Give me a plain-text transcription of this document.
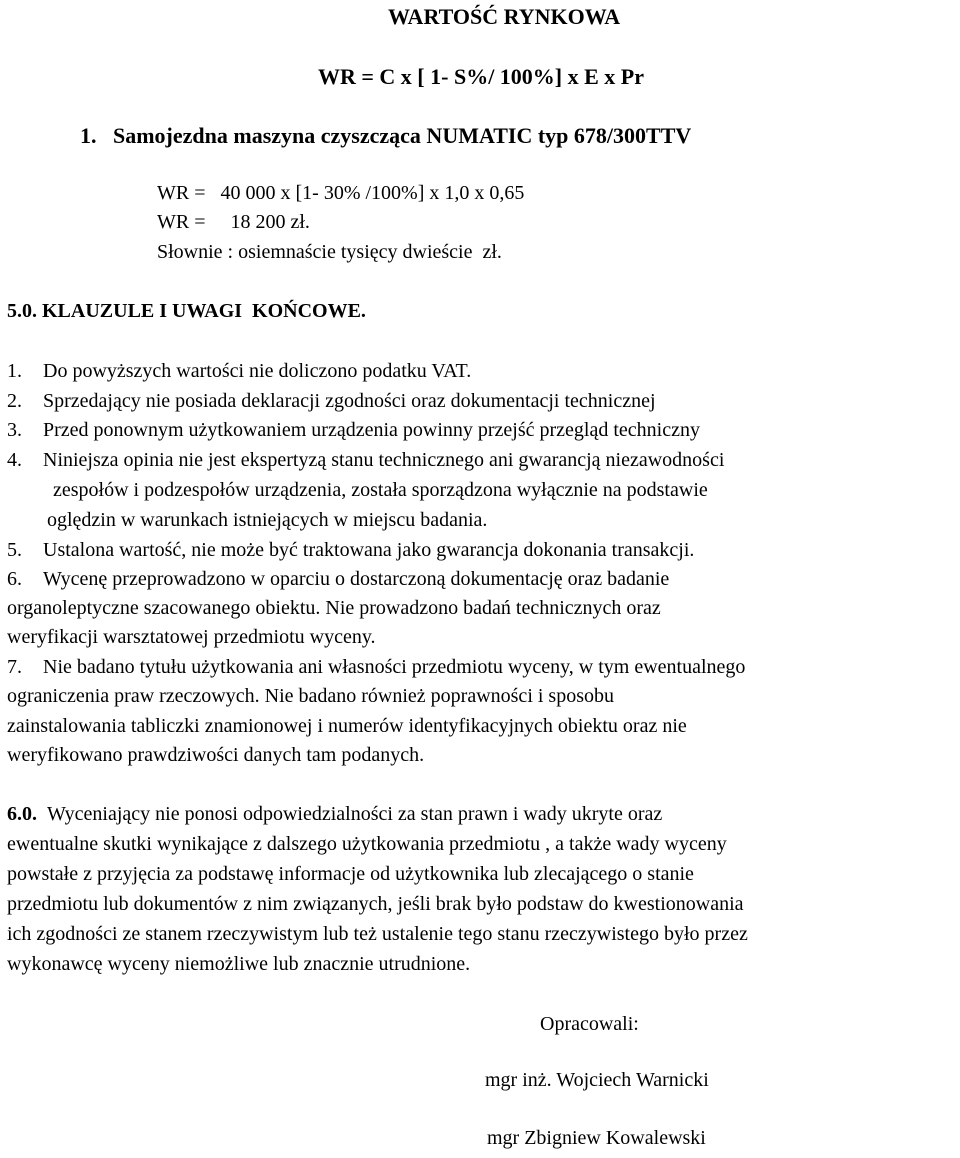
WARTOŚĆ RYNKOWA
WR = C x [ 1- S%/ 100%] x E x Pr
1. Samojezdna maszyna czyszcząca NUMATIC typ 678/300TTV
WR =   40 000 x [1- 30% /100%] x 1,0 x 0,65
WR =     18 200 zł.
Słownie : osiemnaście tysięcy dwieście  zł.
5.0. KLAUZULE I UWAGI  KOŃCOWE.
1. Do powyższych wartości nie doliczono podatku VAT.
2. Sprzedający nie posiada deklaracji zgodności oraz dokumentacji technicznej
3. Przed ponownym użytkowaniem urządzenia powinny przejść przegląd techniczny
4. Niniejsza opinia nie jest ekspertyzą stanu technicznego ani gwarancją niezawodności
zespołów i podzespołów urządzenia, została sporządzona wyłącznie na podstawie
oględzin w warunkach istniejących w miejscu badania.
5. Ustalona wartość, nie może być traktowana jako gwarancja dokonania transakcji.
6. Wycenę przeprowadzono w oparciu o dostarczoną dokumentację oraz badanie
organoleptyczne szacowanego obiektu. Nie prowadzono badań technicznych oraz
weryfikacji warsztatowej przedmiotu wyceny.
7. Nie badano tytułu użytkowania ani własności przedmiotu wyceny, w tym ewentualnego
ograniczenia praw rzeczowych. Nie badano również poprawności i sposobu
zainstalowania tabliczki znamionowej i numerów identyfikacyjnych obiektu oraz nie
weryfikowano prawdziwości danych tam podanych.
6.0. Wyceniający nie ponosi odpowiedzialności za stan prawn i wady ukryte oraz
ewentualne skutki wynikające z dalszego użytkowania przedmiotu , a także wady wyceny
powstałe z przyjęcia za podstawę informacje od użytkownika lub zlecającego o stanie
przedmiotu lub dokumentów z nim związanych, jeśli brak było podstaw do kwestionowania
ich zgodności ze stanem rzeczywistym lub też ustalenie tego stanu rzeczywistego było przez
wykonawcę wyceny niemożliwe lub znacznie utrudnione.
Opracowali:
mgr inż. Wojciech Warnicki
mgr Zbigniew Kowalewski
